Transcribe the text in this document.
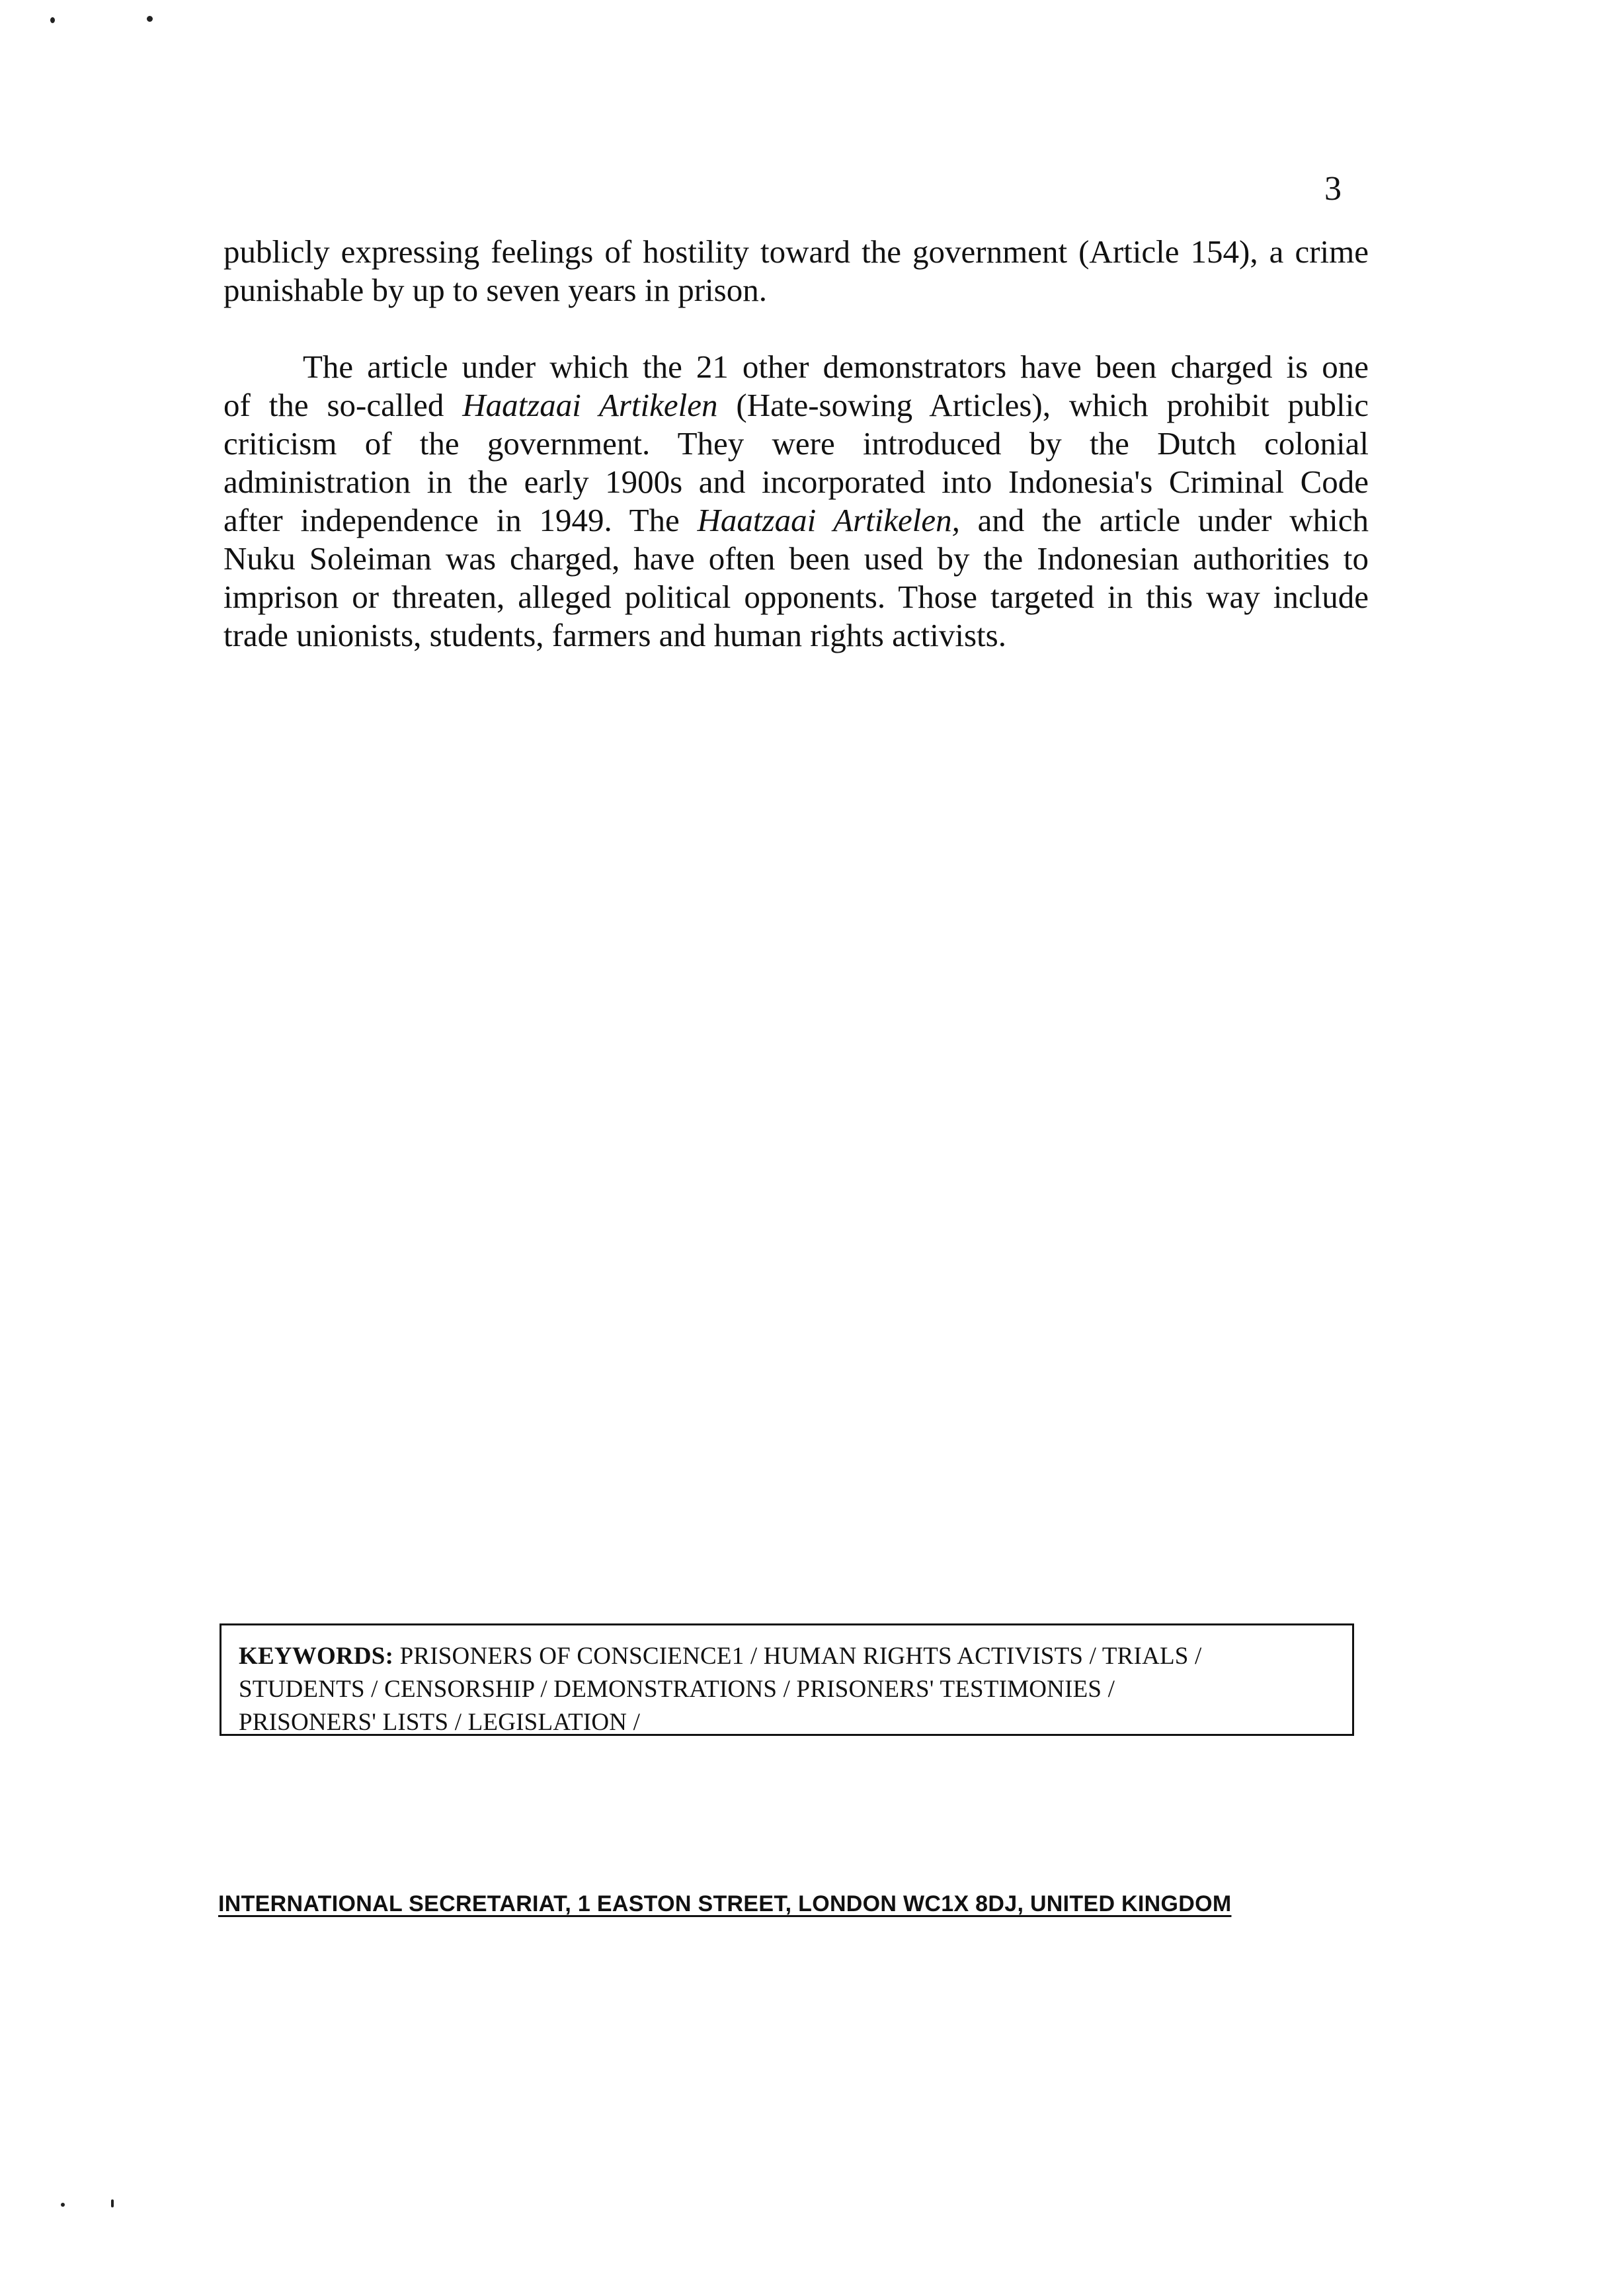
3

publicly expressing feelings of hostility toward the government (Article 154), a crime
punishable by up to seven years in prison.

The article under which the 21 other demonstrators have been charged is one
of the so-called Haatzaai Artikelen (Hate-sowing Articles), which prohibit public
criticism of the government. They were introduced by the Dutch colonial
administration in the early 1900s and incorporated into Indonesia's Criminal Code
after independence in 1949. The Haatzaai Artikelen, and the article under which
Nuku Soleiman was charged, have often been used by the Indonesian authorities to
imprison or threaten, alleged political opponents. Those targeted in this way include
trade unionists, students, farmers and human rights activists.

KEYWORDS: PRISONERS OF CONSCIENCE1 / HUMAN RIGHTS ACTIVISTS / TRIALS /
STUDENTS / CENSORSHIP / DEMONSTRATIONS / PRISONERS' TESTIMONIES /
PRISONERS' LISTS / LEGISLATION /
INTERNATIONAL SECRETARIAT, 1 EASTON STREET, LONDON WC1X 8DJ, UNITED KINGDOM
